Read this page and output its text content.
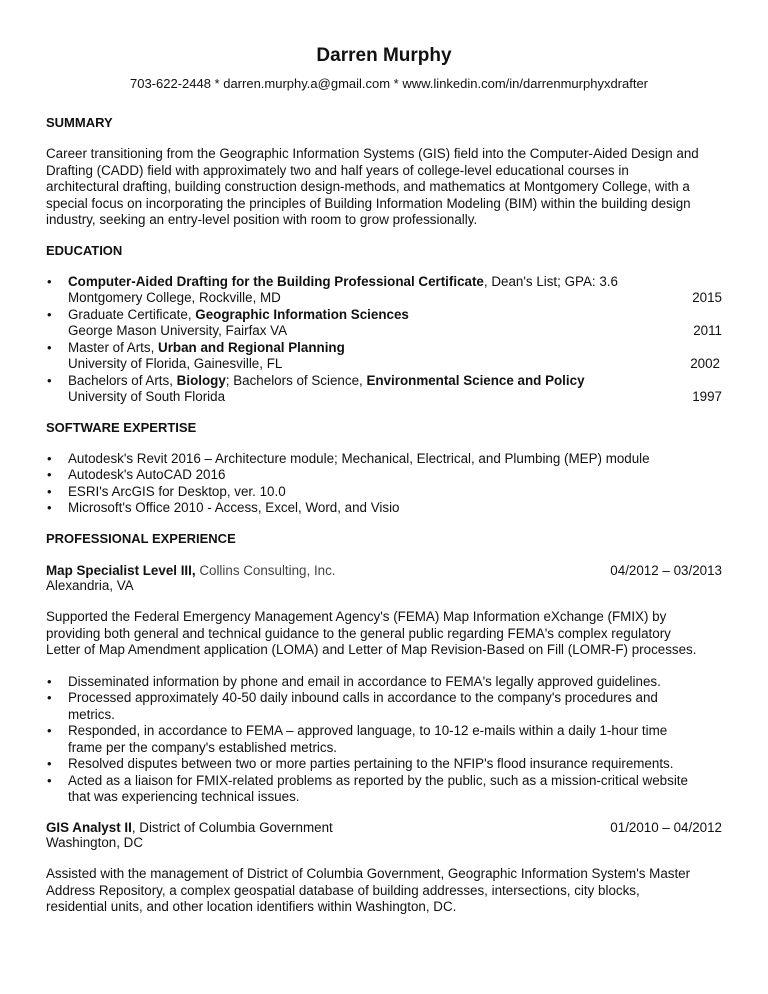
Darren Murphy
703-622-2448 * darren.murphy.a@gmail.com * www.linkedin.com/in/darrenmurphyxdrafter
SUMMARY

Career transitioning from the Geographic Information Systems (GIS) field into the Computer-Aided Design and

Drafting (CADD) field with approximately two and half years of college-level educational courses in

architectural drafting, building construction design-methods, and mathematics at Montgomery College, with a

special focus on incorporating the principles of Building Information Modeling (BIM) within the building design

industry, seeking an entry-level position with room to grow professionally.

EDUCATION
• Computer-Aided Drafting for the Building Professional Certificate, Dean's List; GPA: 3.6
Montgomery College, Rockville, MD	2015
• Graduate Certificate, Geographic Information Sciences
George Mason University, Fairfax VA	2011
• Master of Arts, Urban and Regional Planning
University of Florida, Gainesville, FL	2002
• Bachelors of Arts, Biology; Bachelors of Science, Environmental Science and Policy
University of South Florida	1997
SOFTWARE EXPERTISE
• Autodesk's Revit 2016 – Architecture module; Mechanical, Electrical, and Plumbing (MEP) module
• Autodesk's AutoCAD 2016
• ESRI's ArcGIS for Desktop, ver. 10.0
• Microsoft's Office 2010 - Access, Excel, Word, and Visio
PROFESSIONAL EXPERIENCE
Map Specialist Level III, Collins Consulting, Inc.	04/2012 – 03/2013

Alexandria, VA

Supported the Federal Emergency Management Agency's (FEMA) Map Information eXchange (FMIX) by

providing both general and technical guidance to the general public regarding FEMA's complex regulatory

Letter of Map Amendment application (LOMA) and Letter of Map Revision-Based on Fill (LOMR-F) processes.

• Disseminated information by phone and email in accordance to FEMA's legally approved guidelines.
• Processed approximately 40-50 daily inbound calls in accordance to the company's procedures and
metrics.
• Responded, in accordance to FEMA – approved language, to 10-12 e-mails within a daily 1-hour time
frame per the company's established metrics.
• Resolved disputes between two or more parties pertaining to the NFIP's flood insurance requirements.
• Acted as a liaison for FMIX-related problems as reported by the public, such as a mission-critical website
that was experiencing technical issues.
GIS Analyst II, District of Columbia Government	01/2010 – 04/2012

Washington, DC

Assisted with the management of District of Columbia Government, Geographic Information System's Master

Address Repository, a complex geospatial database of building addresses, intersections, city blocks,

residential units, and other location identifiers within Washington, DC.
